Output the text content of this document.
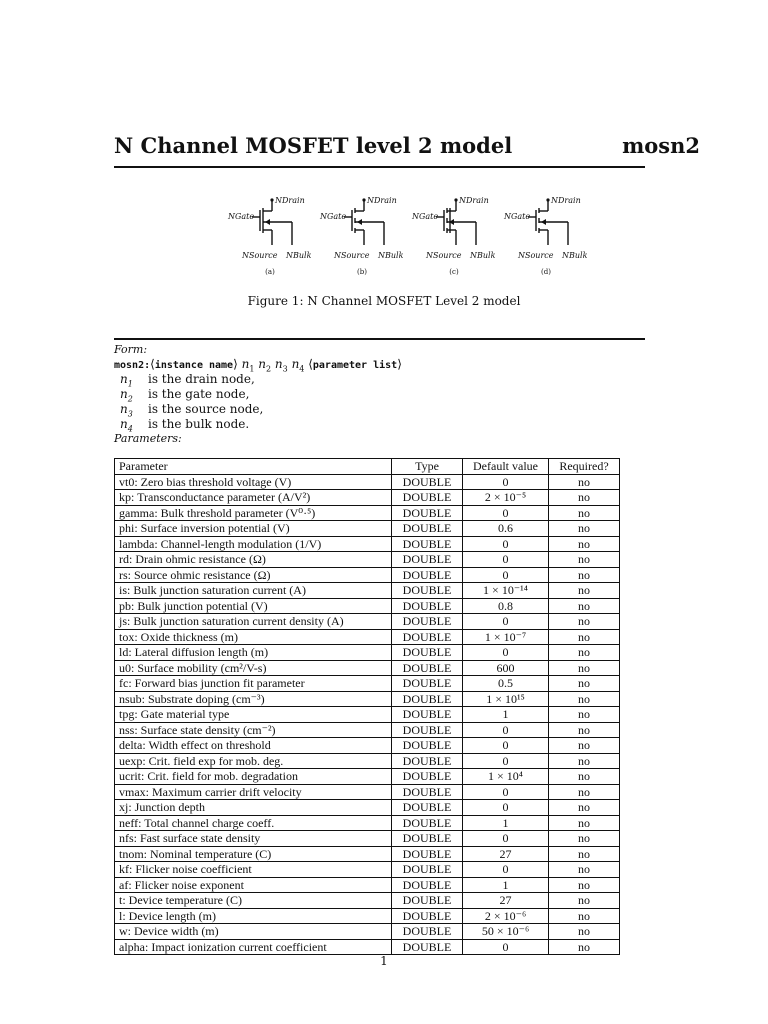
N Channel MOSFET level 2 model	mosn2
NDrain
NGate
NSource NBulk
(a)
NDrain
NGate
NSource NBulk
(b)
NDrain
NGate
NSource NBulk
(c)
NDrain
NGate
NSource NBulk
(d)
Figure 1: N Channel MOSFET Level 2 model
Form:
mosn2:⟨instance name⟩ $n_1$ $n_2$ $n_3$ $n_4$ ⟨parameter list⟩
$n_1$ is the drain node,
$n_2$ is the gate node,
$n_3$ is the source node,
$n_4$ is the bulk node.
Parameters:
Parameter	Type	Default value	Required?
vt0: Zero bias threshold voltage (V)	DOUBLE	0	no
kp: Transconductance parameter (A/V²)	DOUBLE	2 × 10⁻⁵	no
gamma: Bulk threshold parameter (V⁰·⁵)	DOUBLE	0	no
phi: Surface inversion potential (V)	DOUBLE	0.6	no
lambda: Channel-length modulation (1/V)	DOUBLE	0	no
rd: Drain ohmic resistance (Ω)	DOUBLE	0	no
rs: Source ohmic resistance (Ω)	DOUBLE	0	no
is: Bulk junction saturation current (A)	DOUBLE	1 × 10⁻¹⁴	no
pb: Bulk junction potential (V)	DOUBLE	0.8	no
js: Bulk junction saturation current density (A)	DOUBLE	0	no
tox: Oxide thickness (m)	DOUBLE	1 × 10⁻⁷	no
ld: Lateral diffusion length (m)	DOUBLE	0	no
u0: Surface mobility (cm²/V-s)	DOUBLE	600	no
fc: Forward bias junction fit parameter	DOUBLE	0.5	no
nsub: Substrate doping (cm⁻³)	DOUBLE	1 × 10¹⁵	no
tpg: Gate material type	DOUBLE	1	no
nss: Surface state density (cm⁻²)	DOUBLE	0	no
delta: Width effect on threshold	DOUBLE	0	no
uexp: Crit. field exp for mob. deg.	DOUBLE	0	no
ucrit: Crit. field for mob. degradation	DOUBLE	1 × 10⁴	no
vmax: Maximum carrier drift velocity	DOUBLE	0	no
xj: Junction depth	DOUBLE	0	no
neff: Total channel charge coeff.	DOUBLE	1	no
nfs: Fast surface state density	DOUBLE	0	no
tnom: Nominal temperature (C)	DOUBLE	27	no
kf: Flicker noise coefficient	DOUBLE	0	no
af: Flicker noise exponent	DOUBLE	1	no
t: Device temperature (C)	DOUBLE	27	no
l: Device length (m)	DOUBLE	2 × 10⁻⁶	no
w: Device width (m)	DOUBLE	50 × 10⁻⁶	no
alpha: Impact ionization current coefficient	DOUBLE	0	no
1
